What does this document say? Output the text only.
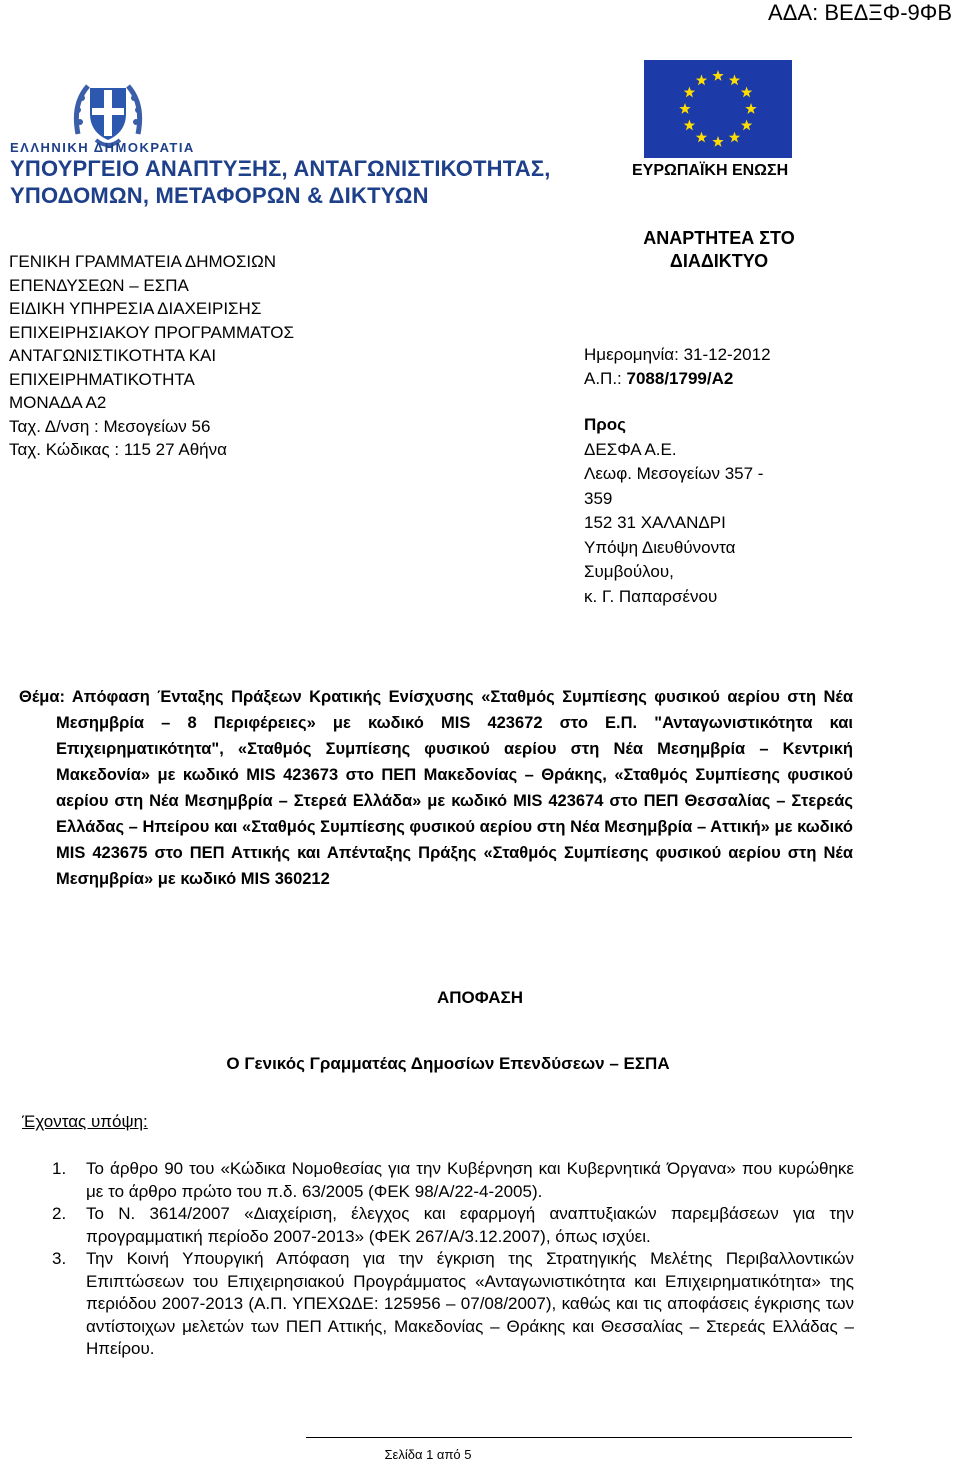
ΑΔΑ: ΒΕΔΞΦ-9ΦΒ
ΕΛΛΗΝΙΚΗ ΔΗΜΟΚΡΑΤΙΑ
ΥΠΟΥΡΓΕΙΟ ΑΝΑΠΤΥΞΗΣ, ΑΝΤΑΓΩΝΙΣΤΙΚΟΤΗΤΑΣ,
ΥΠΟΔΟΜΩΝ, ΜΕΤΑΦΟΡΩΝ & ΔΙΚΤΥΩΝ
ΕΥΡΩΠΑΪΚΗ ΕΝΩΣΗ
ΑΝΑΡΤΗΤΕΑ ΣΤΟ
ΔΙΑΔΙΚΤΥΟ
ΓΕΝΙΚΗ ΓΡΑΜΜΑΤΕΙΑ ΔΗΜΟΣΙΩΝ
ΕΠΕΝΔΥΣΕΩΝ – ΕΣΠΑ
ΕΙΔΙΚΗ ΥΠΗΡΕΣΙΑ ΔΙΑΧΕΙΡΙΣΗΣ
ΕΠΙΧΕΙΡΗΣΙΑΚΟΥ ΠΡΟΓΡΑΜΜΑΤΟΣ
ΑΝΤΑΓΩΝΙΣΤΙΚΟΤΗΤΑ ΚΑΙ
ΕΠΙΧΕΙΡΗΜΑΤΙΚΟΤΗΤΑ
ΜΟΝΑΔΑ Α2
Ταχ. Δ/νση : Μεσογείων 56
Ταχ. Κώδικας : 115 27 Αθήνα
Ημερομηνία: 31-12-2012
Α.Π.: 7088/1799/Α2
Προς
ΔΕΣΦΑ Α.Ε.
Λεωφ. Μεσογείων 357 -
359
152 31 ΧΑΛΑΝΔΡΙ
Υπόψη Διευθύνοντα
Συμβούλου,
κ. Γ. Παπαρσένου
Θέμα: Απόφαση Ένταξης Πράξεων Κρατικής Ενίσχυσης «Σταθμός Συμπίεσης φυσικού αερίου στη Νέα Μεσημβρία – 8 Περιφέρειες» με κωδικό MIS 423672 στο Ε.Π. "Ανταγωνιστικότητα και Επιχειρηματικότητα", «Σταθμός Συμπίεσης φυσικού αερίου στη Νέα Μεσημβρία – Κεντρική Μακεδονία» με κωδικό MIS 423673 στο ΠΕΠ Μακεδονίας – Θράκης, «Σταθμός Συμπίεσης φυσικού αερίου στη Νέα Μεσημβρία – Στερεά Ελλάδα» με κωδικό MIS 423674 στο ΠΕΠ Θεσσαλίας – Στερεάς Ελλάδας – Ηπείρου και «Σταθμός Συμπίεσης φυσικού αερίου στη Νέα Μεσημβρία – Αττική» με κωδικό MIS 423675 στο ΠΕΠ Αττικής και Απένταξης Πράξης «Σταθμός Συμπίεσης φυσικού αερίου στη Νέα Μεσημβρία» με κωδικό MIS 360212
ΑΠΟΦΑΣΗ
Ο Γενικός Γραμματέας Δημοσίων Επενδύσεων – ΕΣΠΑ
Έχοντας υπόψη:
1. Το άρθρο 90 του «Κώδικα Νομοθεσίας για την Κυβέρνηση και Κυβερνητικά Όργανα» που κυρώθηκε με το άρθρο πρώτο του π.δ. 63/2005 (ΦΕΚ 98/Α/22-4-2005).
2. Το Ν. 3614/2007 «Διαχείριση, έλεγχος και εφαρμογή αναπτυξιακών παρεμβάσεων για την προγραμματική περίοδο 2007-2013» (ΦΕΚ 267/Α/3.12.2007), όπως ισχύει.
3. Την Κοινή Υπουργική Απόφαση για την έγκριση της Στρατηγικής Μελέτης Περιβαλλοντικών Επιπτώσεων του Επιχειρησιακού Προγράμματος «Ανταγωνιστικότητα και Επιχειρηματικότητα» της περιόδου 2007-2013 (Α.Π. ΥΠΕΧΩΔΕ: 125956 – 07/08/2007), καθώς και τις αποφάσεις έγκρισης των αντίστοιχων μελετών των ΠΕΠ Αττικής, Μακεδονίας – Θράκης και Θεσσαλίας – Στερεάς Ελλάδας – Ηπείρου.
Σελίδα 1 από 5
